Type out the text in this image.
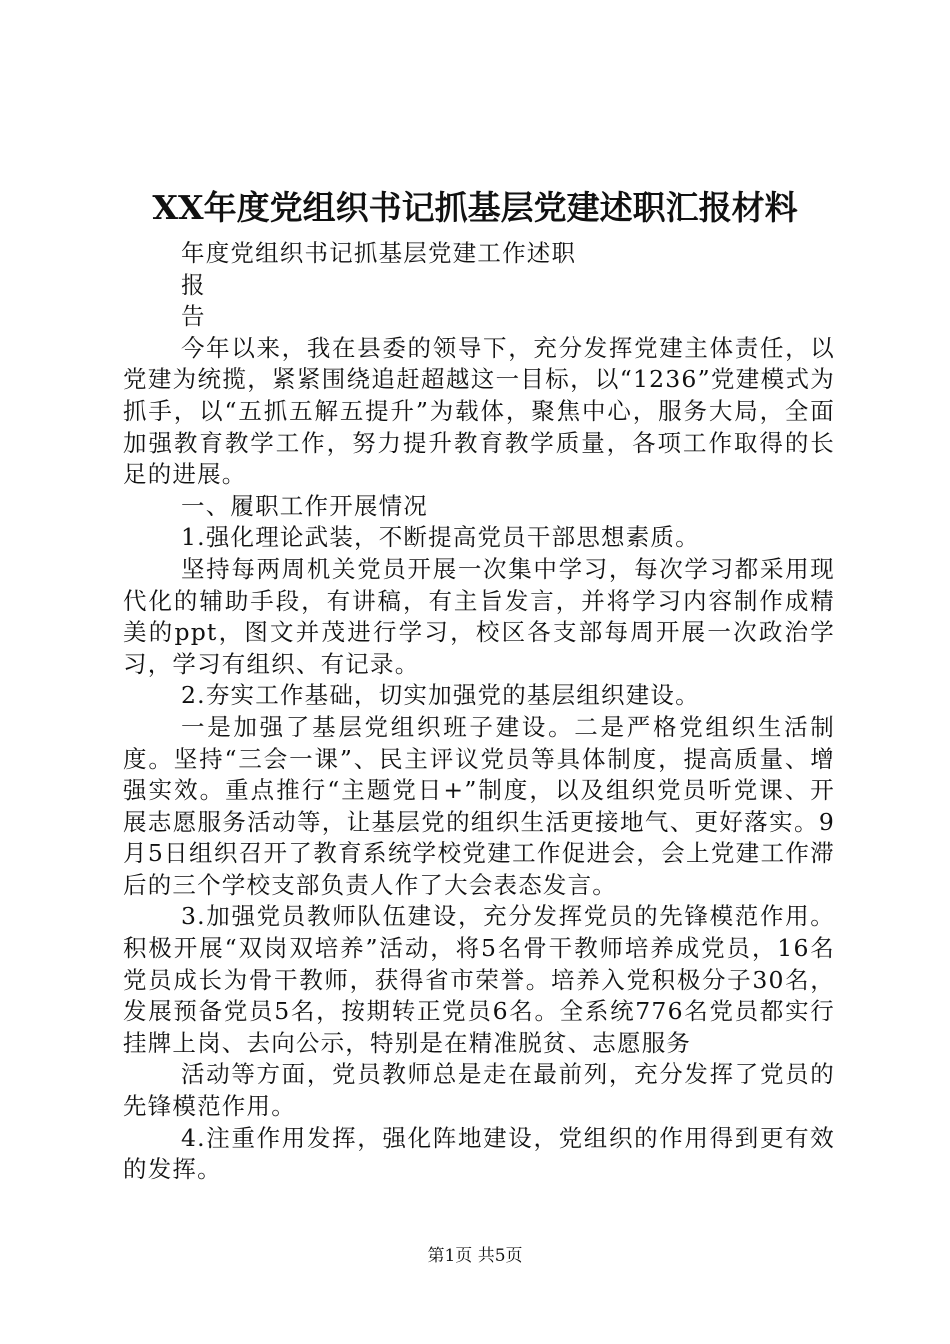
XX年度党组织书记抓基层党建述职汇报材料

年度党组织书记抓基层党建工作述职

报

告

今年以来，我在县委的领导下，充分发挥党建主体责任，以党建为统揽，紧紧围绕追赶超越这一目标，以“1236”党建模式为抓手，以“五抓五解五提升”为载体，聚焦中心，服务大局，全面加强教育教学工作，努力提升教育教学质量，各项工作取得的长足的进展。

一、履职工作开展情况

1.强化理论武装，不断提高党员干部思想素质。

坚持每两周机关党员开展一次集中学习，每次学习都采用现代化的辅助手段，有讲稿，有主旨发言，并将学习内容制作成精美的ppt，图文并茂进行学习，校区各支部每周开展一次政治学习，学习有组织、有记录。

2.夯实工作基础，切实加强党的基层组织建设。

一是加强了基层党组织班子建设。二是严格党组织生活制度。坚持“三会一课”、民主评议党员等具体制度，提高质量、增强实效。重点推行“主题党日+”制度，以及组织党员听党课、开展志愿服务活动等，让基层党的组织生活更接地气、更好落实。9月5日组织召开了教育系统学校党建工作促进会，会上党建工作滞后的三个学校支部负责人作了大会表态发言。

3.加强党员教师队伍建设，充分发挥党员的先锋模范作用。积极开展“双岗双培养”活动，将5名骨干教师培养成党员，16名党员成长为骨干教师，获得省市荣誉。培养入党积极分子30名，发展预备党员5名，按期转正党员6名。全系统776名党员都实行挂牌上岗、去向公示，特别是在精准脱贫、志愿服务

活动等方面，党员教师总是走在最前列，充分发挥了党员的先锋模范作用。

4.注重作用发挥，强化阵地建设，党组织的作用得到更有效的发挥。

第1页 共5页
